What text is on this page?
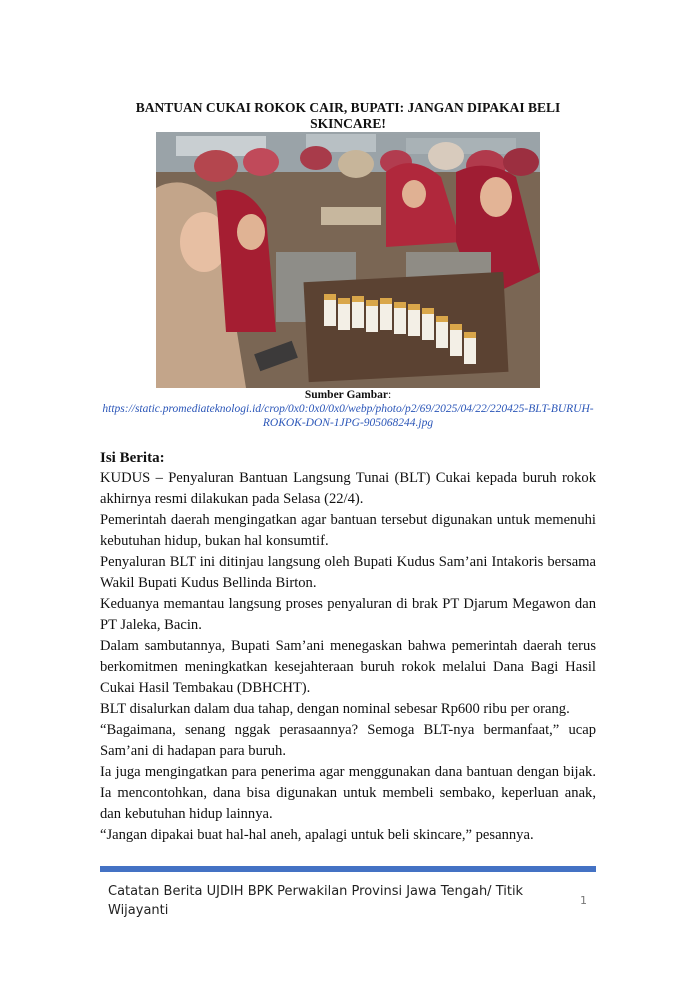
BANTUAN CUKAI ROKOK CAIR, BUPATI: JANGAN DIPAKAI BELI SKINCARE!
Sumber Gambar:
https://static.promediateknologi.id/crop/0x0:0x0/0x0/webp/photo/p2/69/2025/04/22/220425-BLT-BURUH-ROKOK-DON-1JPG-905068244.jpg
Isi Berita:

KUDUS – Penyaluran Bantuan Langsung Tunai (BLT) Cukai kepada buruh rokok akhirnya resmi dilakukan pada Selasa (22/4).

Pemerintah daerah mengingatkan agar bantuan tersebut digunakan untuk memenuhi kebutuhan hidup, bukan hal konsumtif.

Penyaluran BLT ini ditinjau langsung oleh Bupati Kudus Sam’ani Intakoris bersama Wakil Bupati Kudus Bellinda Birton.

Keduanya memantau langsung proses penyaluran di brak PT Djarum Megawon dan PT Jaleka, Bacin.

Dalam sambutannya, Bupati Sam’ani menegaskan bahwa pemerintah daerah terus berkomitmen meningkatkan kesejahteraan buruh rokok melalui Dana Bagi Hasil Cukai Hasil Tembakau (DBHCHT).

BLT disalurkan dalam dua tahap, dengan nominal sebesar Rp600 ribu per orang.

“Bagaimana, senang nggak perasaannya? Semoga BLT-nya bermanfaat,” ucap Sam’ani di hadapan para buruh.

Ia juga mengingatkan para penerima agar menggunakan dana bantuan dengan bijak. Ia mencontohkan, dana bisa digunakan untuk membeli sembako, keperluan anak, dan kebutuhan hidup lainnya.

“Jangan dipakai buat hal-hal aneh, apalagi untuk beli skincare,” pesannya.

Catatan Berita UJDIH BPK Perwakilan Provinsi Jawa Tengah/ Titik Wijayanti
1
